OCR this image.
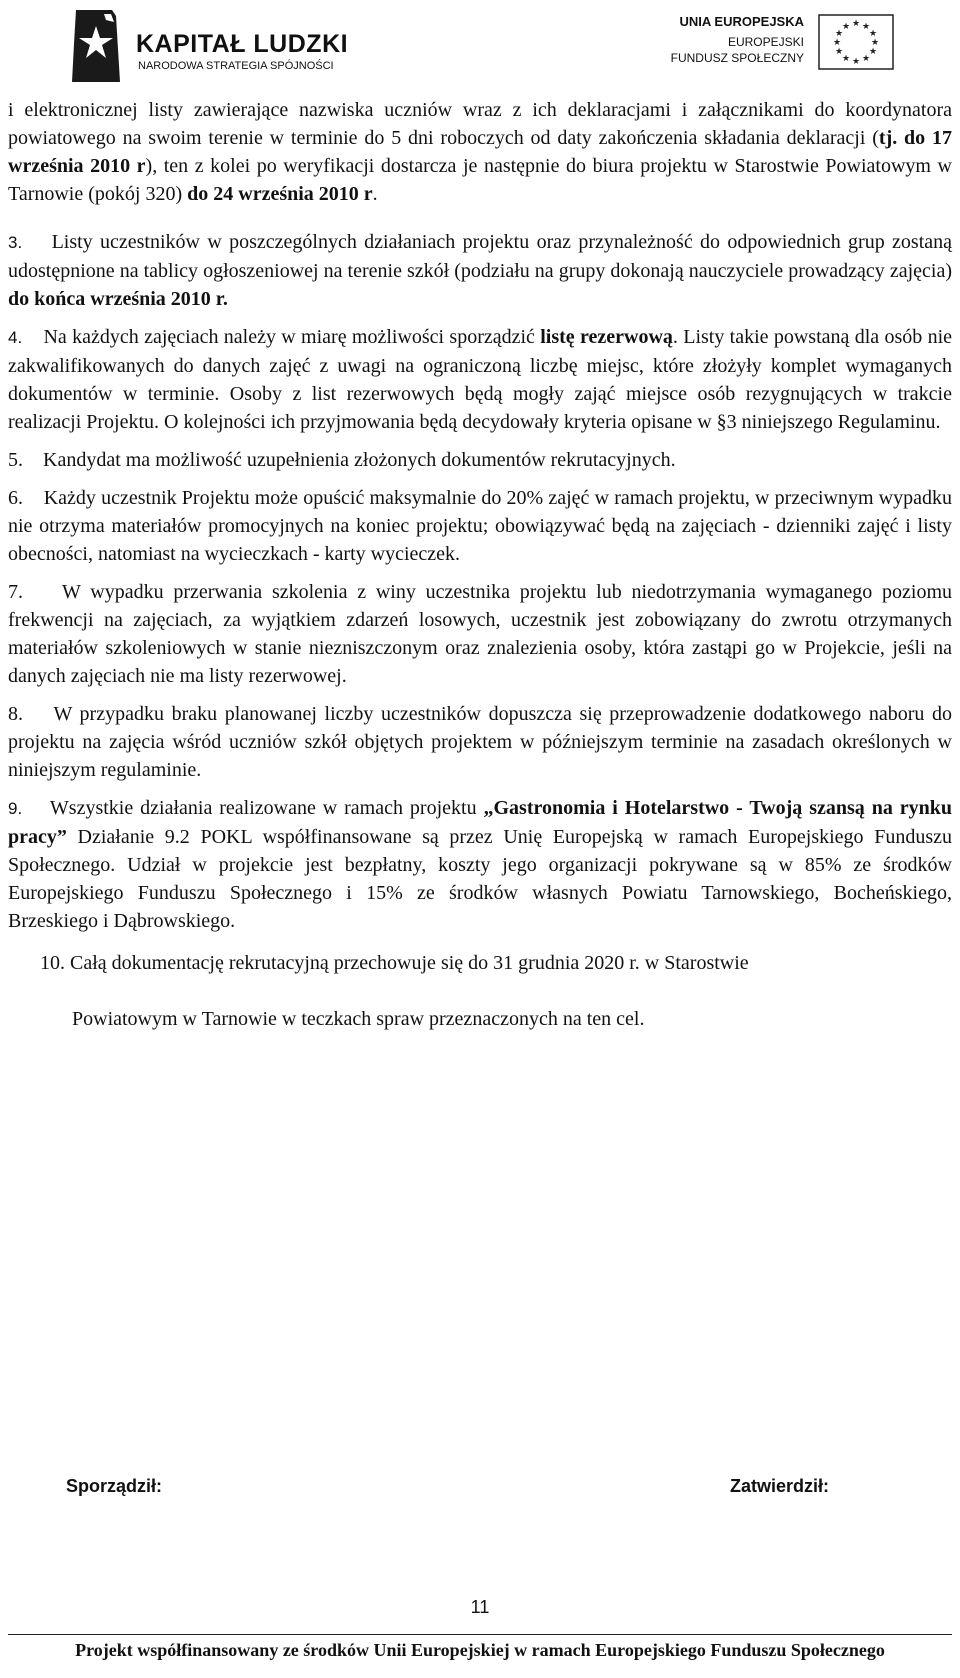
KAPITAŁ LUDZKI
NARODOWA STRATEGIA SPÓJNOŚCI
UNIA EUROPEJSKA
EUROPEJSKI
FUNDUSZ SPOŁECZNY
★ ★
★
★
★
★
★
★
★
★
★
★

i elektronicznej listy zawierające nazwiska uczniów wraz z ich deklaracjami i załącznikami do koordynatora powiatowego na swoim terenie w terminie do 5 dni roboczych od daty zakończenia składania deklaracji (tj. do 17 września 2010 r), ten z kolei po weryfikacji dostarcza je następnie do biura projektu w Starostwie Powiatowym w Tarnowie (pokój 320) do 24 września 2010 r.

3. Listy uczestników w poszczególnych działaniach projektu oraz przynależność do odpowiednich grup zostaną udostępnione na tablicy ogłoszeniowej na terenie szkół (podziału na grupy dokonają nauczyciele prowadzący zajęcia) do końca września 2010 r.

4. Na każdych zajęciach należy w miarę możliwości sporządzić listę rezerwową. Listy takie powstaną dla osób nie zakwalifikowanych do danych zajęć z uwagi na ograniczoną liczbę miejsc, które złożyły komplet wymaganych dokumentów w terminie. Osoby z list rezerwowych będą mogły zająć miejsce osób rezygnujących w trakcie realizacji Projektu. O kolejności ich przyjmowania będą decydowały kryteria opisane w §3 niniejszego Regulaminu.

5. Kandydat ma możliwość uzupełnienia złożonych dokumentów rekrutacyjnych.

6. Każdy uczestnik Projektu może opuścić maksymalnie do 20% zajęć w ramach projektu, w przeciwnym wypadku nie otrzyma materiałów promocyjnych na koniec projektu; obowiązywać będą na zajęciach - dzienniki zajęć i listy obecności, natomiast na wycieczkach - karty wycieczek.

7. W wypadku przerwania szkolenia z winy uczestnika projektu lub niedotrzymania wymaganego poziomu frekwencji na zajęciach, za wyjątkiem zdarzeń losowych, uczestnik jest zobowiązany do zwrotu otrzymanych materiałów szkoleniowych w stanie niezniszczonym oraz znalezienia osoby, która zastąpi go w Projekcie, jeśli na danych zajęciach nie ma listy rezerwowej.

8. W przypadku braku planowanej liczby uczestników dopuszcza się przeprowadzenie dodatkowego naboru do projektu na zajęcia wśród uczniów szkół objętych projektem w późniejszym terminie na zasadach określonych w niniejszym regulaminie.

9. Wszystkie działania realizowane w ramach projektu „Gastronomia i Hotelarstwo - Twoją szansą na rynku pracy” Działanie 9.2 POKL współfinansowane są przez Unię Europejską w ramach Europejskiego Funduszu Społecznego. Udział w projekcie jest bezpłatny, koszty jego organizacji pokrywane są w 85% ze środków Europejskiego Funduszu Społecznego i 15% ze środków własnych Powiatu Tarnowskiego, Bocheńskiego, Brzeskiego i Dąbrowskiego.

10. Całą dokumentację rekrutacyjną przechowuje się do 31 grudnia 2020 r. w Starostwie

Powiatowym w Tarnowie w teczkach spraw przeznaczonych na ten cel.

Sporządził:	Zatwierdził:
11
Projekt współfinansowany ze środków Unii Europejskiej w ramach Europejskiego Funduszu Społecznego
